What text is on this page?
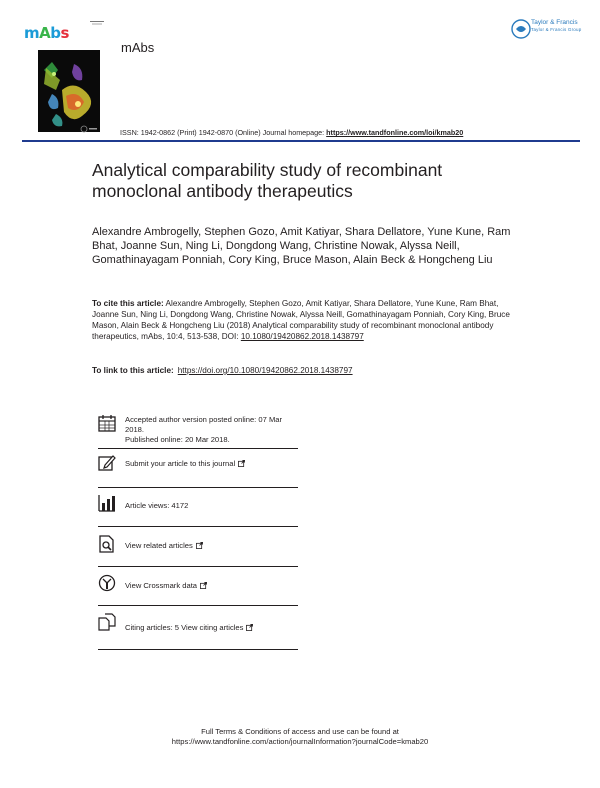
mAbs
mAbs
Taylor & Francis
Taylor & Francis Group
ISSN: 1942-0862 (Print) 1942-0870 (Online) Journal homepage: https://www.tandfonline.com/loi/kmab20
Analytical comparability study of recombinant monoclonal antibody therapeutics
Alexandre Ambrogelly, Stephen Gozo, Amit Katiyar, Shara Dellatore, Yune Kune, Ram Bhat, Joanne Sun, Ning Li, Dongdong Wang, Christine Nowak, Alyssa Neill, Gomathinayagam Ponniah, Cory King, Bruce Mason, Alain Beck & Hongcheng Liu
To cite this article: Alexandre Ambrogelly, Stephen Gozo, Amit Katiyar, Shara Dellatore, Yune Kune, Ram Bhat, Joanne Sun, Ning Li, Dongdong Wang, Christine Nowak, Alyssa Neill, Gomathinayagam Ponniah, Cory King, Bruce Mason, Alain Beck & Hongcheng Liu (2018) Analytical comparability study of recombinant monoclonal antibody therapeutics, mAbs, 10:4, 513-538, DOI: 10.1080/19420862.2018.1438797
To link to this article: https://doi.org/10.1080/19420862.2018.1438797
Accepted author version posted online: 07 Mar 2018.
Published online: 20 Mar 2018.
Submit your article to this journal
Article views: 4172
View related articles
View Crossmark data
Citing articles: 5 View citing articles
Full Terms & Conditions of access and use can be found at
https://www.tandfonline.com/action/journalInformation?journalCode=kmab20
